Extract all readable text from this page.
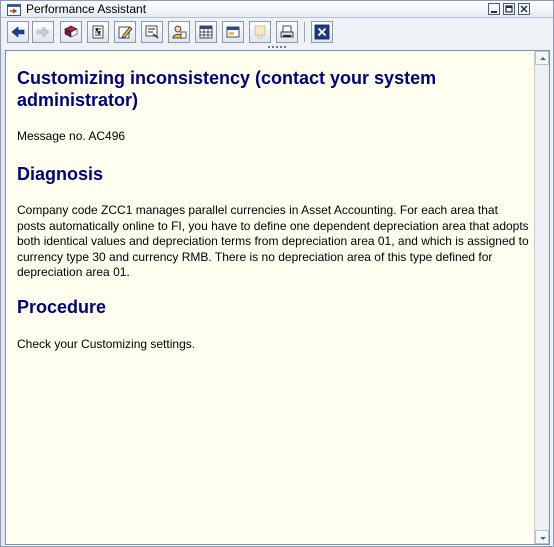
Performance Assistant
Customizing inconsistency (contact your system administrator)
Message no. AC496
Diagnosis
Company code ZCC1 manages parallel currencies in Asset Accounting. For each area that posts automatically online to FI, you have to define one dependent depreciation area that adopts both identical values and depreciation terms from depreciation area 01, and which is assigned to currency type 30 and currency RMB. There is no depreciation area of this type defined for depreciation area 01.
Procedure
Check your Customizing settings.
